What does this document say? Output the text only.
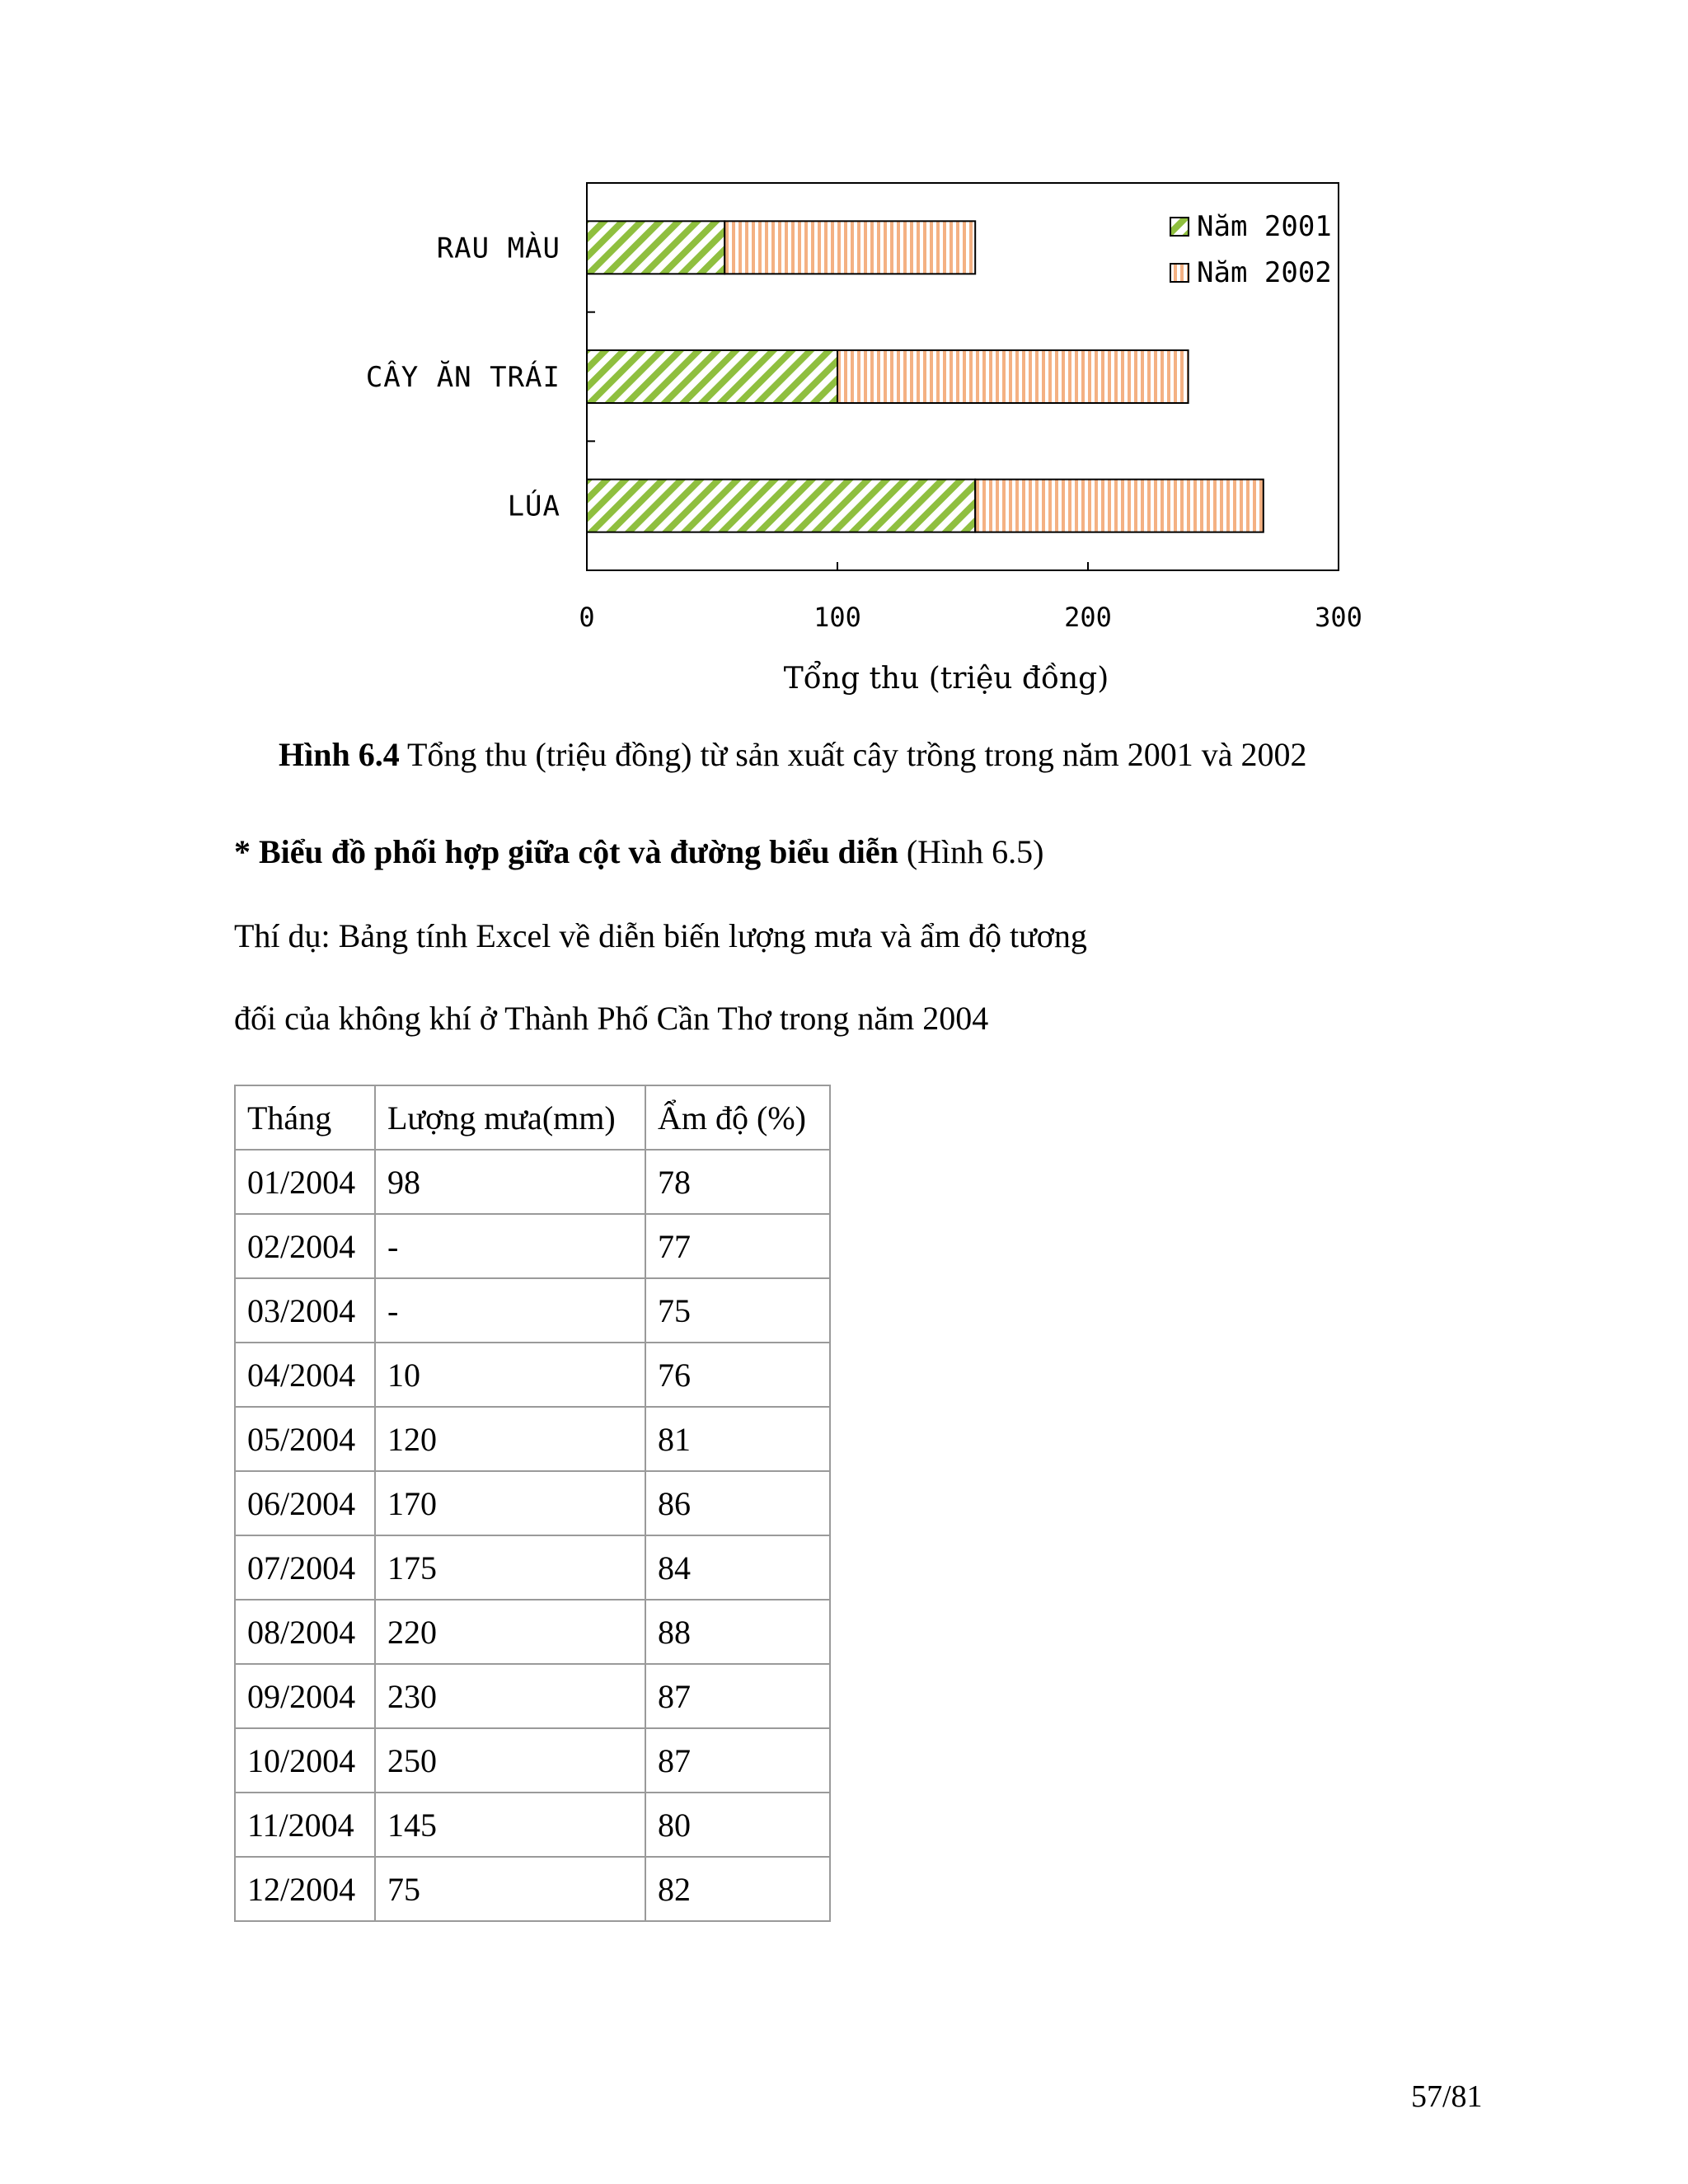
RAU MÀU
CÂY ĂN TRÁI
LÚA
0	100	200	300
Năm 2001
Năm 2002
Tổng thu (triệu đồng)
Hình 6.4 Tổng thu (triệu đồng) từ sản xuất cây trồng trong năm 2001 và 2002
* Biểu đồ phối hợp giữa cột và đường biểu diễn (Hình 6.5)
Thí dụ: Bảng tính Excel về diễn biến lượng mưa và ẩm độ tương
đối của không khí ở Thành Phố Cần Thơ trong năm 2004
Tháng	Lượng mưa(mm)	Ẩm độ (%)
01/2004	98	78
02/2004	-	77
03/2004	-	75
04/2004	10	76
05/2004	120	81
06/2004	170	86
07/2004	175	84
08/2004	220	88
09/2004	230	87
10/2004	250	87
11/2004	145	80
12/2004	75	82
57/81
